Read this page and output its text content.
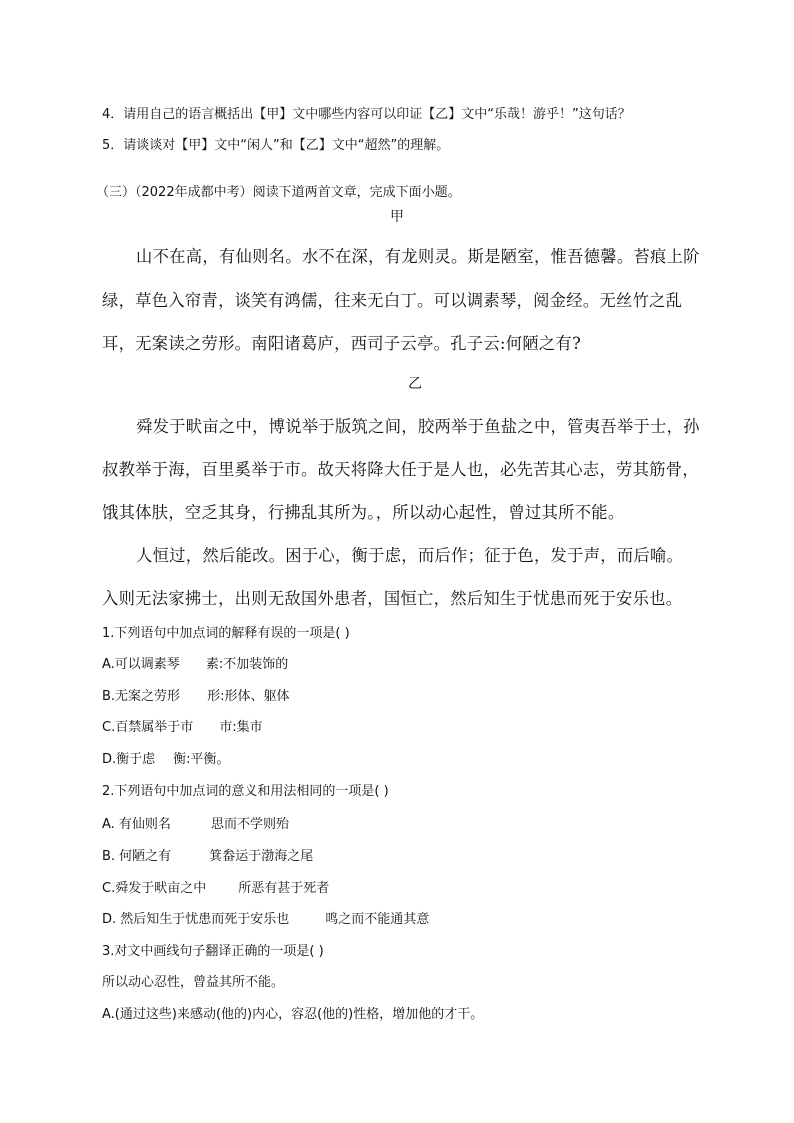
4．请用自己的语言概括出【甲】文中哪些内容可以印证【乙】文中“乐哉！游乎！”这句话？
5．请谈谈对【甲】文中“闲人”和【乙】文中“超然”的理解。
（三）（2022年成都中考）阅读下道两首文章，完成下面小题。
甲
山不在高，有仙则名。水不在深，有龙则灵。斯是陋室，惟吾德馨。苔痕上阶
绿，草色入帘青，谈笑有鸿儒，往来无白丁。可以调素琴，阅金经。无丝竹之乱
耳，无案读之劳形。南阳诸葛庐，西司子云亭。孔子云:何陋之有?
乙
舜发于畎亩之中，博说举于版筑之间，胶两举于鱼盐之中，管夷吾举于士，孙
叔教举于海，百里奚举于市。故天将降大任于是人也，必先苦其心志，劳其筋骨，
饿其体肤，空乏其身，行拂乱其所为。，所以动心起性，曾过其所不能。
人恒过，然后能改。困于心，衡于虑，而后作；征于色，发于声，而后喻。
入则无法家拂士，出则无敌国外患者，国恒亡，然后知生于忧患而死于安乐也。
1.下列语句中加点词的解释有误的一项是( )
A.可以调素琴 素:不加装饰的
B.无案之劳形 形:形体、躯体
C.百禁属举于市 市:集市
D.衡于虑 衡:平衡。
2.下列语句中加点词的意义和用法相同的一项是( )
A. 有仙则名	思而不学则殆
B. 何陋之有	箕畚运于渤海之尾
C.舜发于畎亩之中 所恶有甚于死者
D. 然后知生于忧患而死于安乐也	鸣之而不能通其意
3.对文中画线句子翻译正确的一项是( )
所以动心忍性，曾益其所不能。
A.(通过这些)来感动(他的)内心，容忍(他的)性格，增加他的才干。
